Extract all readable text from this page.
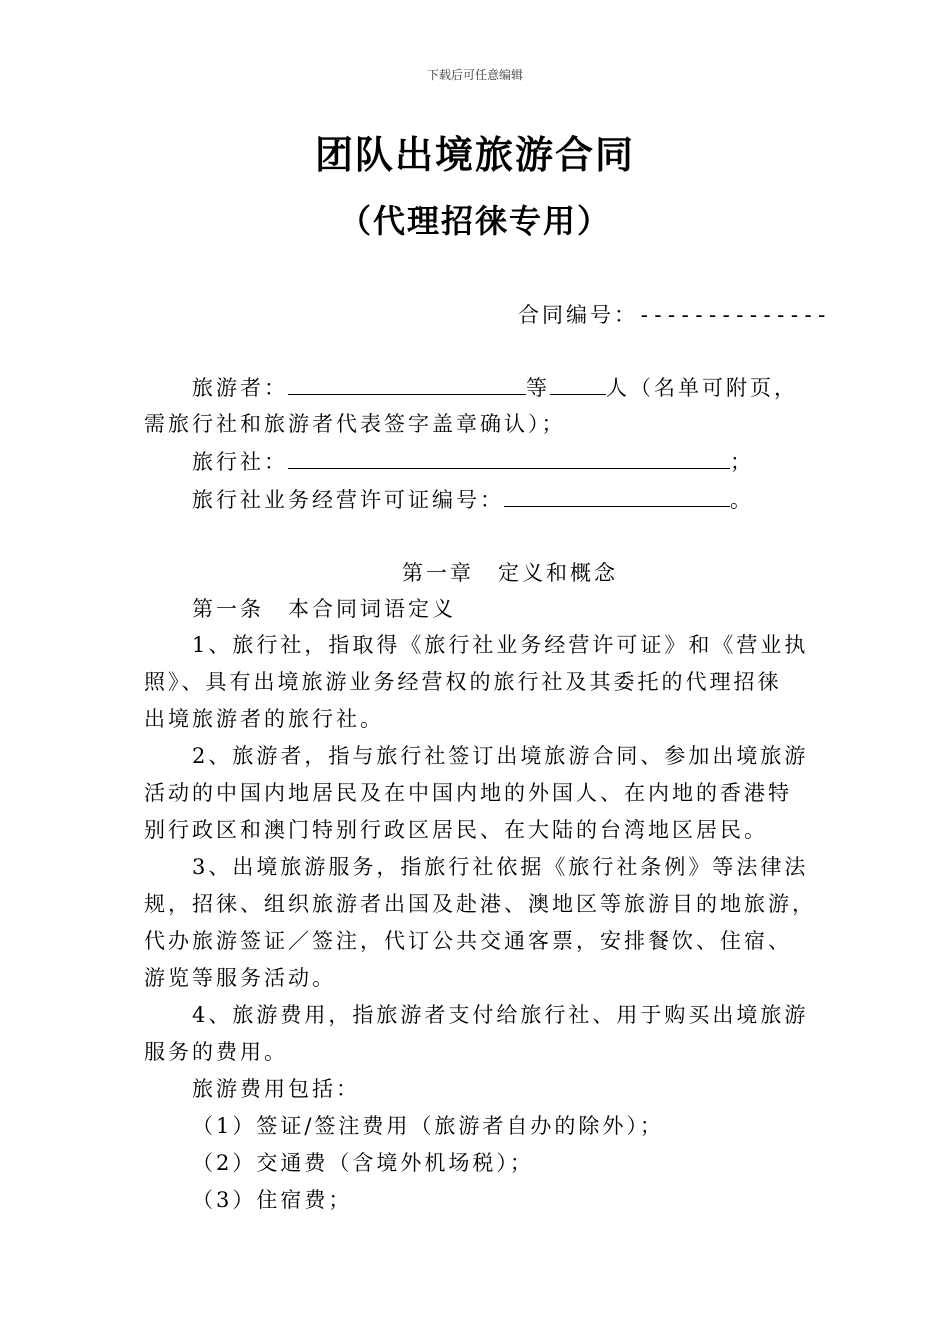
下载后可任意编辑
团队出境旅游合同
（代理招徕专用）
合同编号：--------------
旅游者：	等	人（名单可附页，
需旅行社和旅游者代表签字盖章确认）；
旅行社：	；
旅行社业务经营许可证编号：	。
第一章　定义和概念
第一条　本合同词语定义
1、旅行社，指取得《旅行社业务经营许可证》和《营业执
照》、具有出境旅游业务经营权的旅行社及其委托的代理招徕
出境旅游者的旅行社。
2、旅游者，指与旅行社签订出境旅游合同、参加出境旅游
活动的中国内地居民及在中国内地的外国人、在内地的香港特
别行政区和澳门特别行政区居民、在大陆的台湾地区居民。
3、出境旅游服务，指旅行社依据《旅行社条例》等法律法
规，招徕、组织旅游者出国及赴港、澳地区等旅游目的地旅游，
代办旅游签证／签注，代订公共交通客票，安排餐饮、住宿、
游览等服务活动。
4、旅游费用，指旅游者支付给旅行社、用于购买出境旅游
服务的费用。
旅游费用包括：
（1）签证/签注费用（旅游者自办的除外）；
（2）交通费（含境外机场税）；
（3）住宿费；
